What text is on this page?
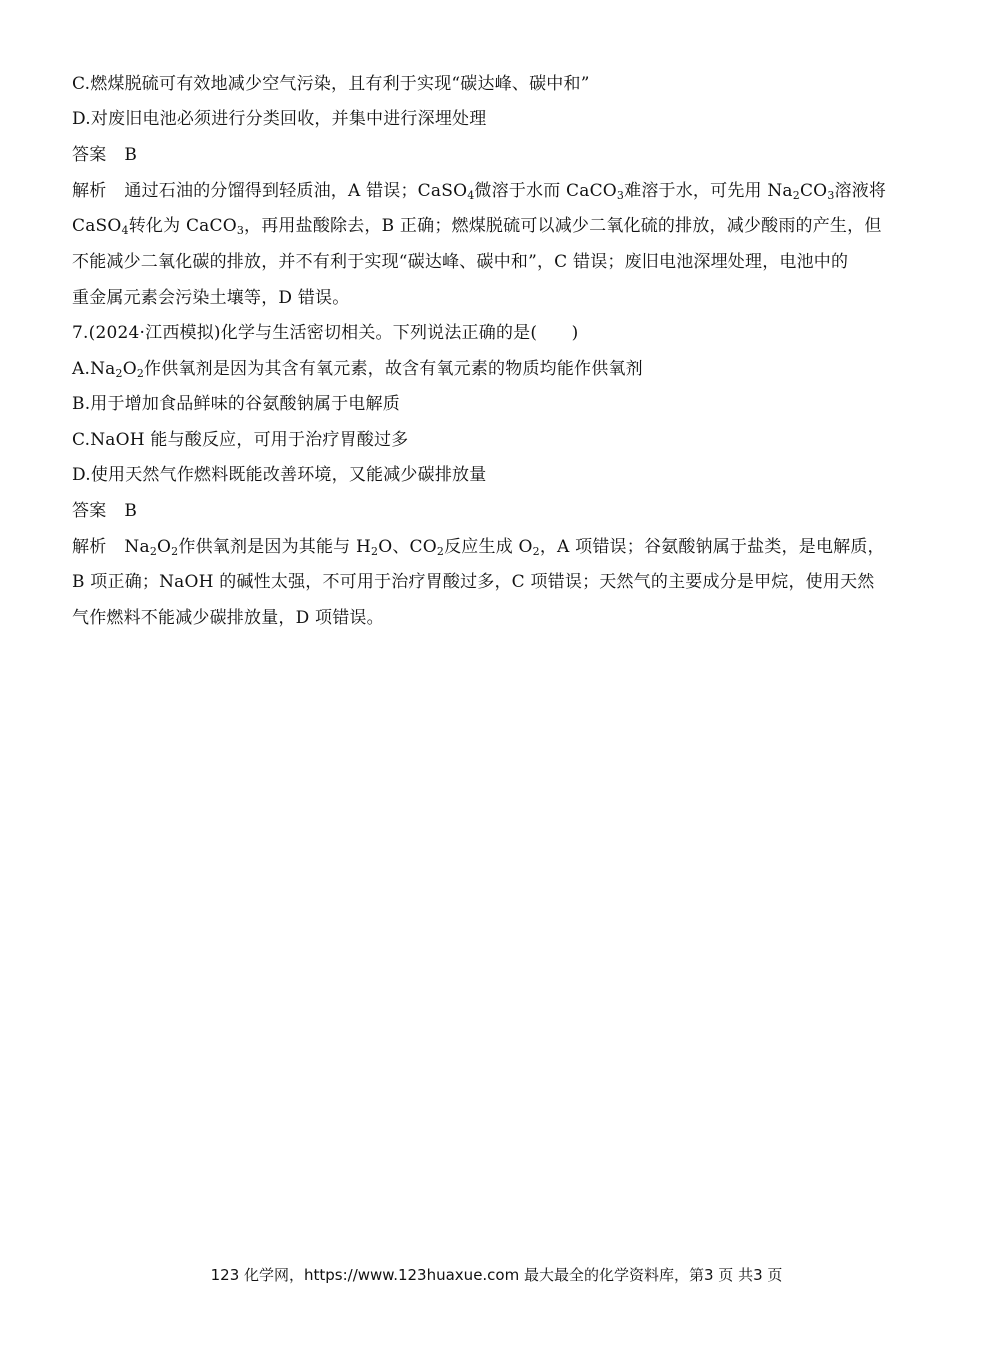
C.燃煤脱硫可有效地减少空气污染，且有利于实现“碳达峰、碳中和”
D.对废旧电池必须进行分类回收，并集中进行深埋处理
答案 B
解析 通过石油的分馏得到轻质油，A 错误；CaSO$_4$微溶于水而 CaCO$_3$难溶于水，可先用 $Na_2CO_3$溶液将
CaSO$_4$转化为 CaCO$_3$，再用盐酸除去，B 正确；燃煤脱硫可以减少二氧化硫的排放，减少酸雨的产生，但
不能减少二氧化碳的排放，并不有利于实现“碳达峰、碳中和”，C 错误；废旧电池深埋处理，电池中的
重金属元素会污染土壤等，D 错误。
7.(2024·江西模拟)化学与生活密切相关。下列说法正确的是(　　)
$A.Na_2O_2$作供氧剂是因为其含有氧元素，故含有氧元素的物质均能作供氧剂
B.用于增加食品鲜味的谷氨酸钠属于电解质
C.NaOH 能与酸反应，可用于治疗胃酸过多
D.使用天然气作燃料既能改善环境，又能减少碳排放量
答案 B
解析 $Na_2O_2$作供氧剂是因为其能与 $H_2O$、$CO_2$反应生成 $O_2$，A 项错误；谷氨酸钠属于盐类，是电解质，
B 项正确；NaOH 的碱性太强，不可用于治疗胃酸过多，C 项错误；天然气的主要成分是甲烷，使用天然
气作燃料不能减少碳排放量，D 项错误。
123 化学网，https://www.123huaxue.com 最大最全的化学资料库，第3 页 共3 页
